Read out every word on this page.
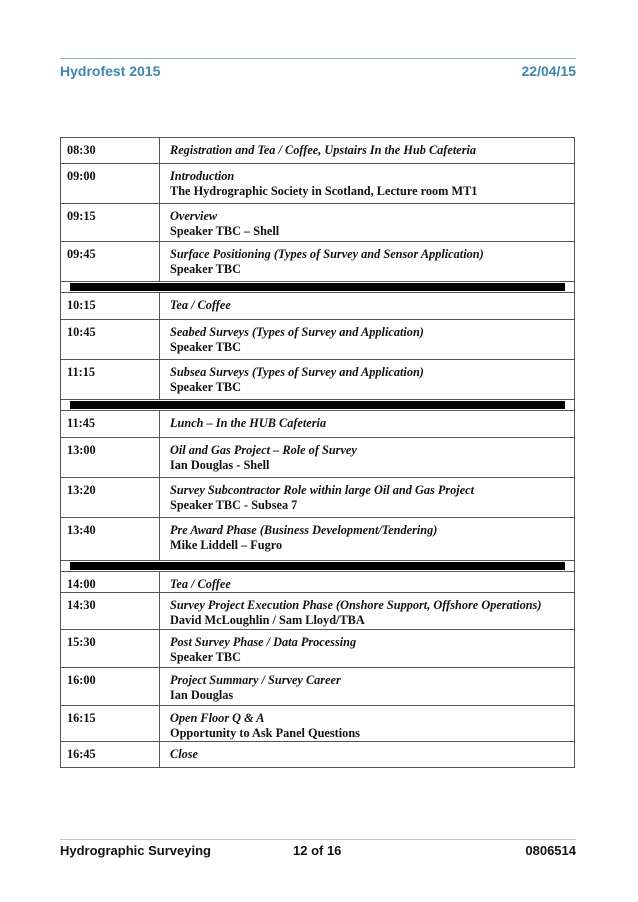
Hydrofest 2015	22/04/15
08:30	Registration and Tea / Coffee, Upstairs In the Hub Cafeteria

09:00	Introduction
The Hydrographic Society in Scotland, Lecture room MT1

09:15	Overview
Speaker TBC – Shell

09:45	Surface Positioning (Types of Survey and Sensor Application)
Speaker TBC

10:15	Tea / Coffee

10:45	Seabed Surveys (Types of Survey and Application)
Speaker TBC

11:15	Subsea Surveys (Types of Survey and Application)
Speaker TBC

11:45	Lunch – In the HUB Cafeteria

13:00	Oil and Gas Project – Role of Survey
Ian Douglas - Shell

13:20	Survey Subcontractor Role within large Oil and Gas Project
Speaker TBC - Subsea 7

13:40	Pre Award Phase (Business Development/Tendering)
Mike Liddell – Fugro

14:00	Tea / Coffee

14:30	Survey Project Execution Phase (Onshore Support, Offshore Operations)
David McLoughlin / Sam Lloyd/TBA

15:30	Post Survey Phase / Data Processing
Speaker TBC

16:00	Project Summary / Survey Career
Ian Douglas

16:15	Open Floor Q & A
Opportunity to Ask Panel Questions

16:45	Close
Hydrographic Surveying	12 of 16	0806514
